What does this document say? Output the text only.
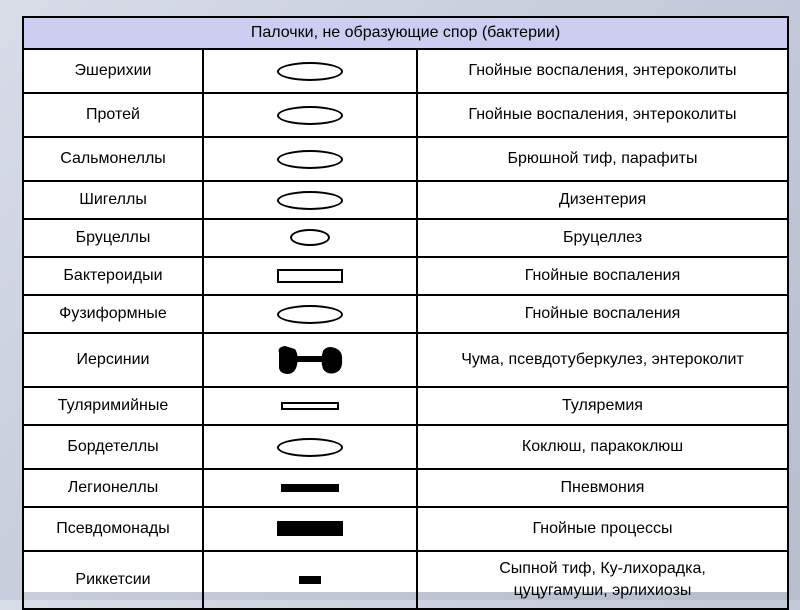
Палочки, не образующие спор (бактерии)		
Эшерихии		Гнойные воспаления, энтероколиты
Протей		Гнойные воспаления, энтероколиты
Сальмонеллы		Брюшной тиф, парафиты
Шигеллы		Дизентерия
Бруцеллы		Бруцеллез
Бактероидыи		Гнойные воспаления
Фузиформные		Гнойные воспаления
Иерсинии		Чума, псевдотуберкулез, энтероколит
Туляримийные		Туляремия
Бордетеллы		Коклюш, паракоклюш
Легионеллы		Пневмония
Псевдомонады		Гнойные процессы
Риккетсии		Сыпной тиф, Ку-лихорадка,
цуцугамуши, эрлихиозы
